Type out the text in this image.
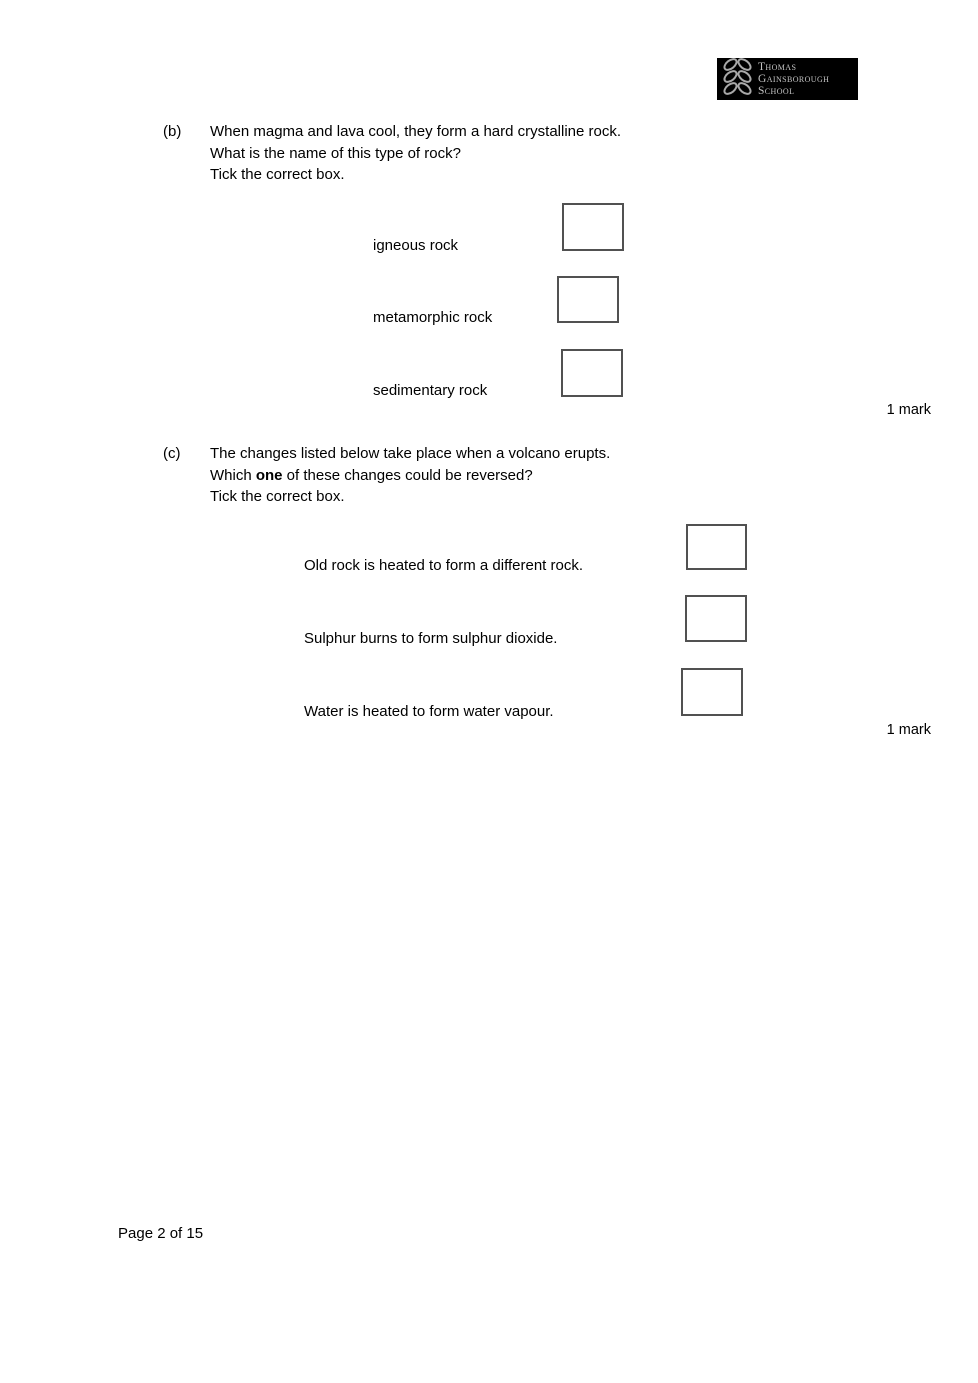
Thomas
Gainsborough
School
(b) When magma and lava cool, they form a hard crystalline rock.
What is the name of this type of rock?
Tick the correct box.
igneous rock
metamorphic rock
sedimentary rock
1 mark
(c) The changes listed below take place when a volcano erupts.
Which one of these changes could be reversed?
Tick the correct box.
Old rock is heated to form a different rock.
Sulphur burns to form sulphur dioxide.
Water is heated to form water vapour.
1 mark
Page 2 of 15
